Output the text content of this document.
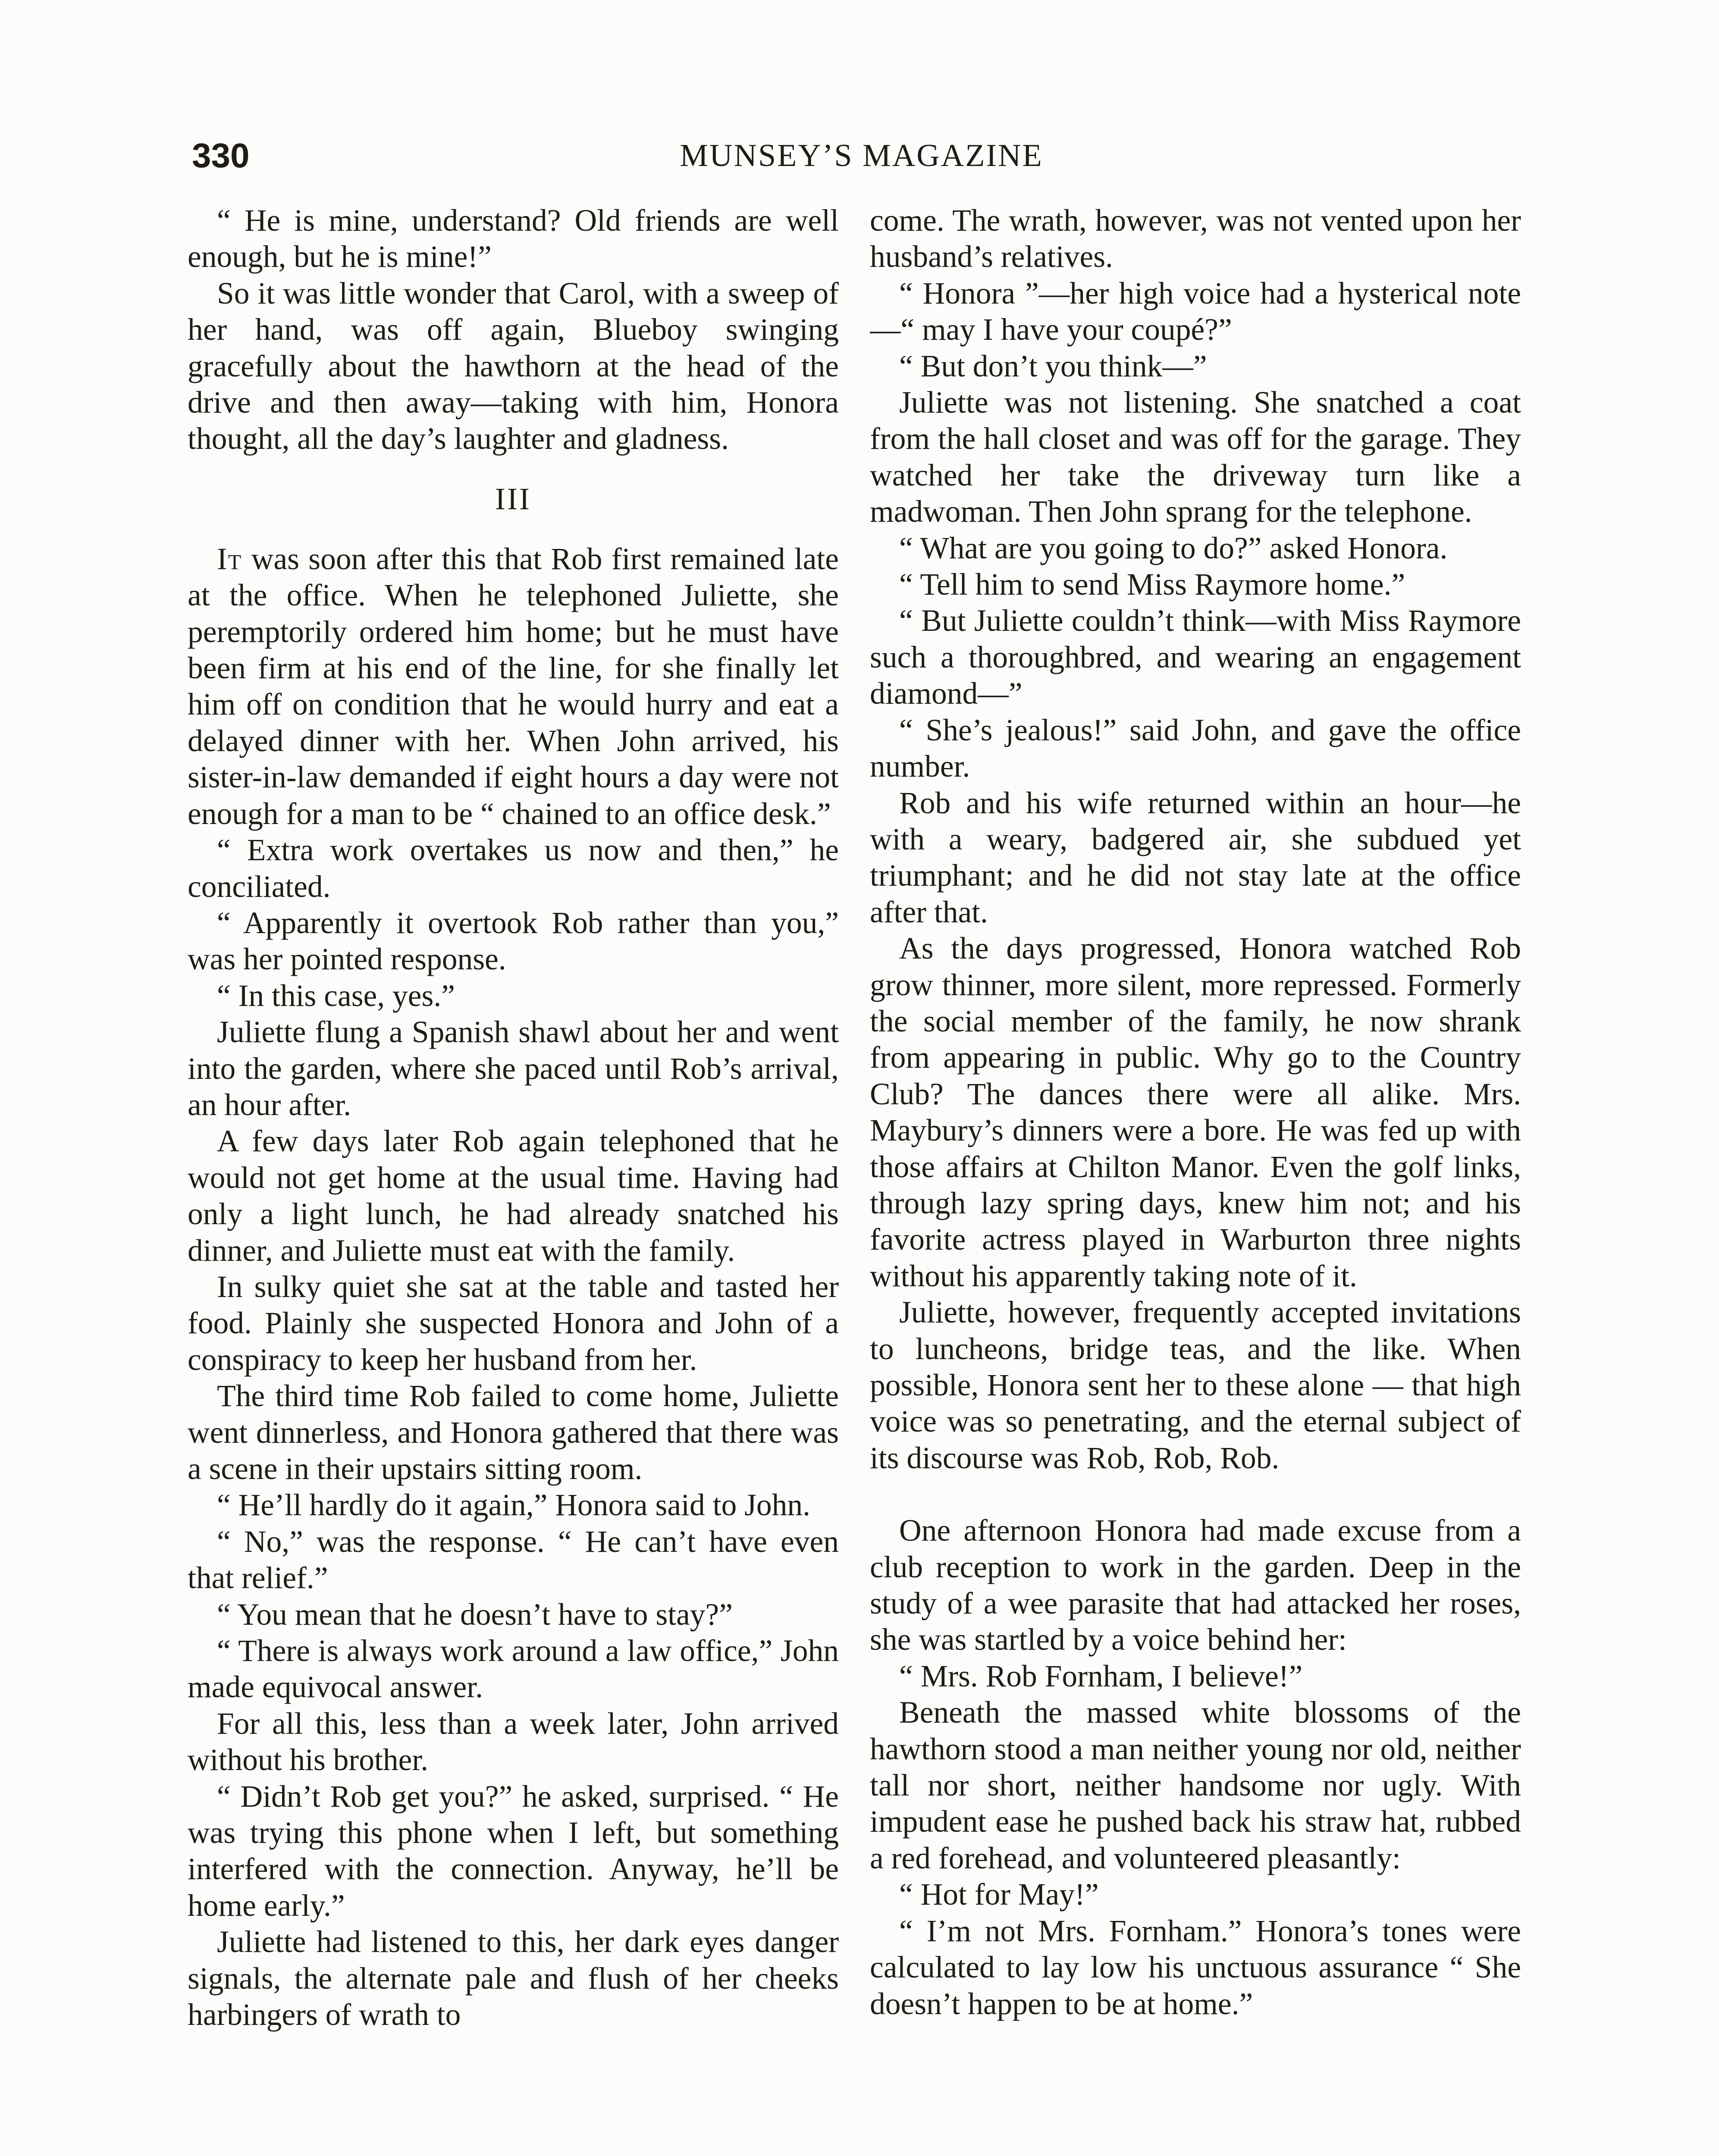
330	MUNSEY’S MAGAZINE

“ He is mine, understand? Old friends are well enough, but he is mine!”

So it was little wonder that Carol, with a sweep of her hand, was off again, Blueboy swinging gracefully about the hawthorn at the head of the drive and then away—taking with him, Honora thought, all the day’s laughter and gladness.

III

It was soon after this that Rob first remained late at the office. When he telephoned Juliette, she peremptorily ordered him home; but he must have been firm at his end of the line, for she finally let him off on condition that he would hurry and eat a delayed dinner with her. When John arrived, his sister-in-law demanded if eight hours a day were not enough for a man to be “ chained to an office desk.”

“ Extra work overtakes us now and then,” he conciliated.

“ Apparently it overtook Rob rather than you,” was her pointed response.

“ In this case, yes.”

Juliette flung a Spanish shawl about her and went into the garden, where she paced until Rob’s arrival, an hour after.

A few days later Rob again telephoned that he would not get home at the usual time. Having had only a light lunch, he had already snatched his dinner, and Juliette must eat with the family.

In sulky quiet she sat at the table and tasted her food. Plainly she suspected Honora and John of a conspiracy to keep her husband from her.

The third time Rob failed to come home, Juliette went dinnerless, and Honora gathered that there was a scene in their upstairs sitting room.

“ He’ll hardly do it again,” Honora said to John.

“ No,” was the response. “ He can’t have even that relief.”

“ You mean that he doesn’t have to stay?”

“ There is always work around a law office,” John made equivocal answer.

For all this, less than a week later, John arrived without his brother.

“ Didn’t Rob get you?” he asked, surprised. “ He was trying this phone when I left, but something interfered with the connection. Anyway, he’ll be home early.”

Juliette had listened to this, her dark eyes danger signals, the alternate pale and flush of her cheeks harbingers of wrath to

come. The wrath, however, was not vented upon her husband’s relatives.

“ Honora ”—her high voice had a hysterical note—“ may I have your coupé?”

“ But don’t you think—”

Juliette was not listening. She snatched a coat from the hall closet and was off for the garage. They watched her take the driveway turn like a madwoman. Then John sprang for the telephone.

“ What are you going to do?” asked Honora.

“ Tell him to send Miss Raymore home.”

“ But Juliette couldn’t think—with Miss Raymore such a thoroughbred, and wearing an engagement diamond—”

“ She’s jealous!” said John, and gave the office number.

Rob and his wife returned within an hour—he with a weary, badgered air, she subdued yet triumphant; and he did not stay late at the office after that.

As the days progressed, Honora watched Rob grow thinner, more silent, more repressed. Formerly the social member of the family, he now shrank from appearing in public. Why go to the Country Club? The dances there were all alike. Mrs. Maybury’s dinners were a bore. He was fed up with those affairs at Chilton Manor. Even the golf links, through lazy spring days, knew him not; and his favorite actress played in Warburton three nights without his apparently taking note of it.

Juliette, however, frequently accepted invitations to luncheons, bridge teas, and the like. When possible, Honora sent her to these alone — that high voice was so penetrating, and the eternal subject of its discourse was Rob, Rob, Rob.

One afternoon Honora had made excuse from a club reception to work in the garden. Deep in the study of a wee parasite that had attacked her roses, she was startled by a voice behind her:

“ Mrs. Rob Fornham, I believe!”

Beneath the massed white blossoms of the hawthorn stood a man neither young nor old, neither tall nor short, neither handsome nor ugly. With impudent ease he pushed back his straw hat, rubbed a red forehead, and volunteered pleasantly:

“ Hot for May!”

“ I’m not Mrs. Fornham.” Honora’s tones were calculated to lay low his unctuous assurance “ She doesn’t happen to be at home.”
